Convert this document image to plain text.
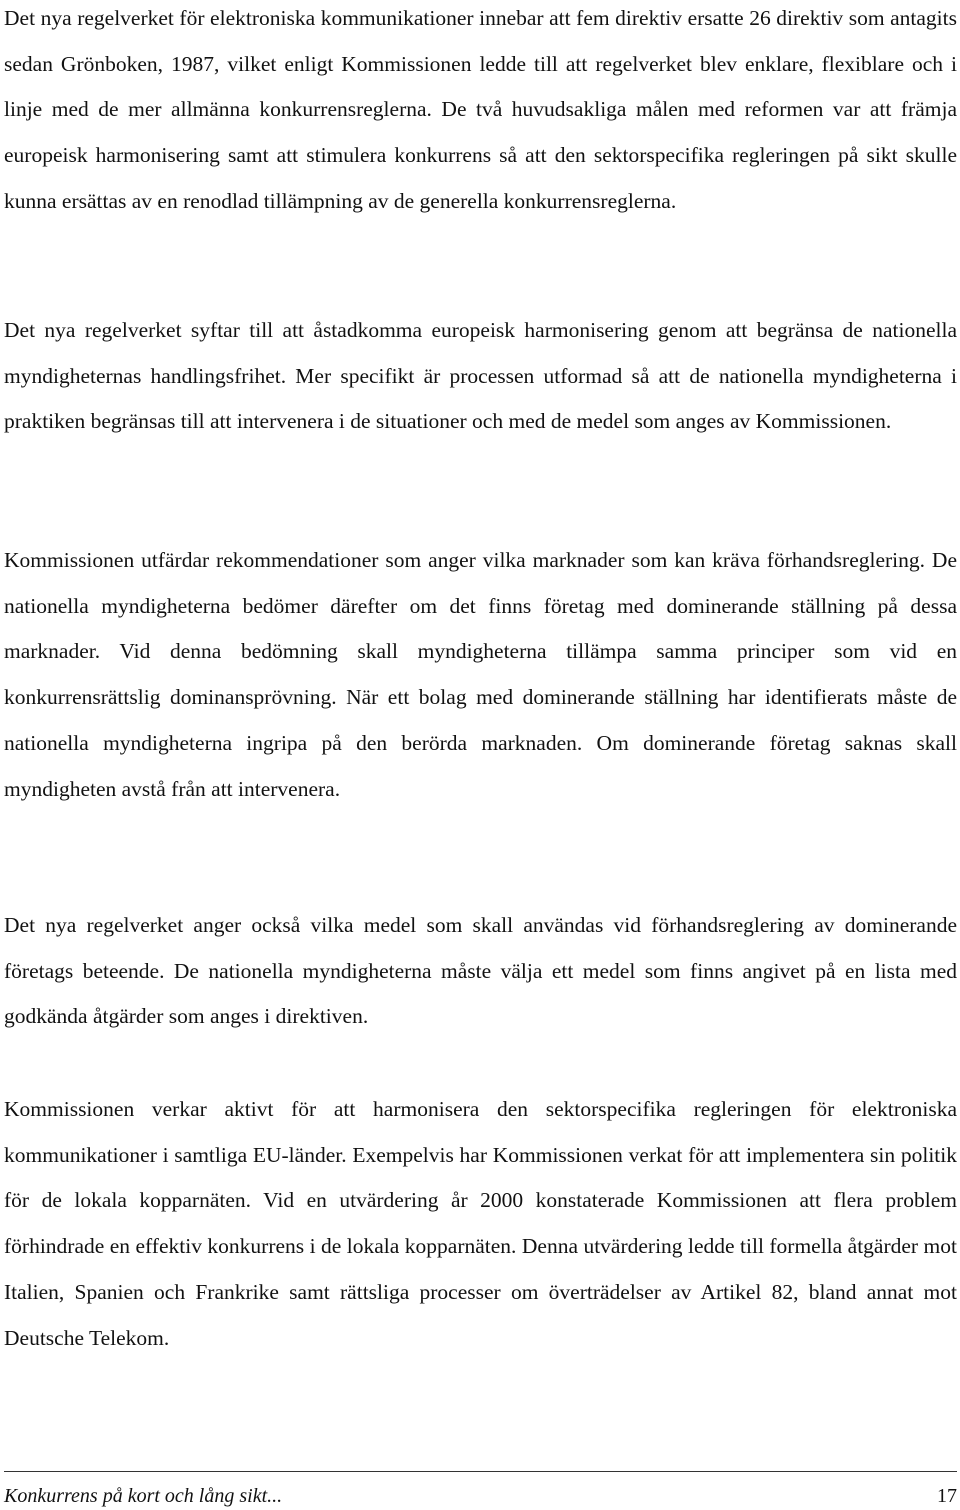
Det nya regelverket för elektroniska kommunikationer innebar att fem direktiv ersatte 26 direktiv som antagits sedan Grönboken, 1987, vilket enligt Kommissionen ledde till att regelverket blev enklare, flexiblare och i linje med de mer allmänna konkurrensreglerna. De två huvudsakliga målen med reformen var att främja europeisk harmonisering samt att stimulera konkurrens så att den sektorspecifika regleringen på sikt skulle kunna ersättas av en renodlad tillämpning av de generella konkurrensreglerna.

Det nya regelverket syftar till att åstadkomma europeisk harmonisering genom att begränsa de nationella myndigheternas handlingsfrihet. Mer specifikt är processen utformad så att de nationella myndigheterna i praktiken begränsas till att intervenera i de situationer och med de medel som anges av Kommissionen.

Kommissionen utfärdar rekommendationer som anger vilka marknader som kan kräva förhandsreglering. De nationella myndigheterna bedömer därefter om det finns företag med dominerande ställning på dessa marknader. Vid denna bedömning skall myndigheterna tillämpa samma principer som vid en konkurrensrättslig dominansprövning. När ett bolag med dominerande ställning har identifierats måste de nationella myndigheterna ingripa på den berörda marknaden. Om dominerande företag saknas skall myndigheten avstå från att intervenera.

Det nya regelverket anger också vilka medel som skall användas vid förhandsreglering av dominerande företags beteende. De nationella myndigheterna måste välja ett medel som finns angivet på en lista med godkända åtgärder som anges i direktiven.

Kommissionen verkar aktivt för att harmonisera den sektorspecifika regleringen för elektroniska kommunikationer i samtliga EU-länder. Exempelvis har Kommissionen verkat för att implementera sin politik för de lokala kopparnäten. Vid en utvärdering år 2000 konstaterade Kommissionen att flera problem förhindrade en effektiv konkurrens i de lokala kopparnäten. Denna utvärdering ledde till formella åtgärder mot Italien, Spanien och Frankrike samt rättsliga processer om överträdelser av Artikel 82, bland annat mot Deutsche Telekom.

Konkurrens på kort och lång sikt...	17
